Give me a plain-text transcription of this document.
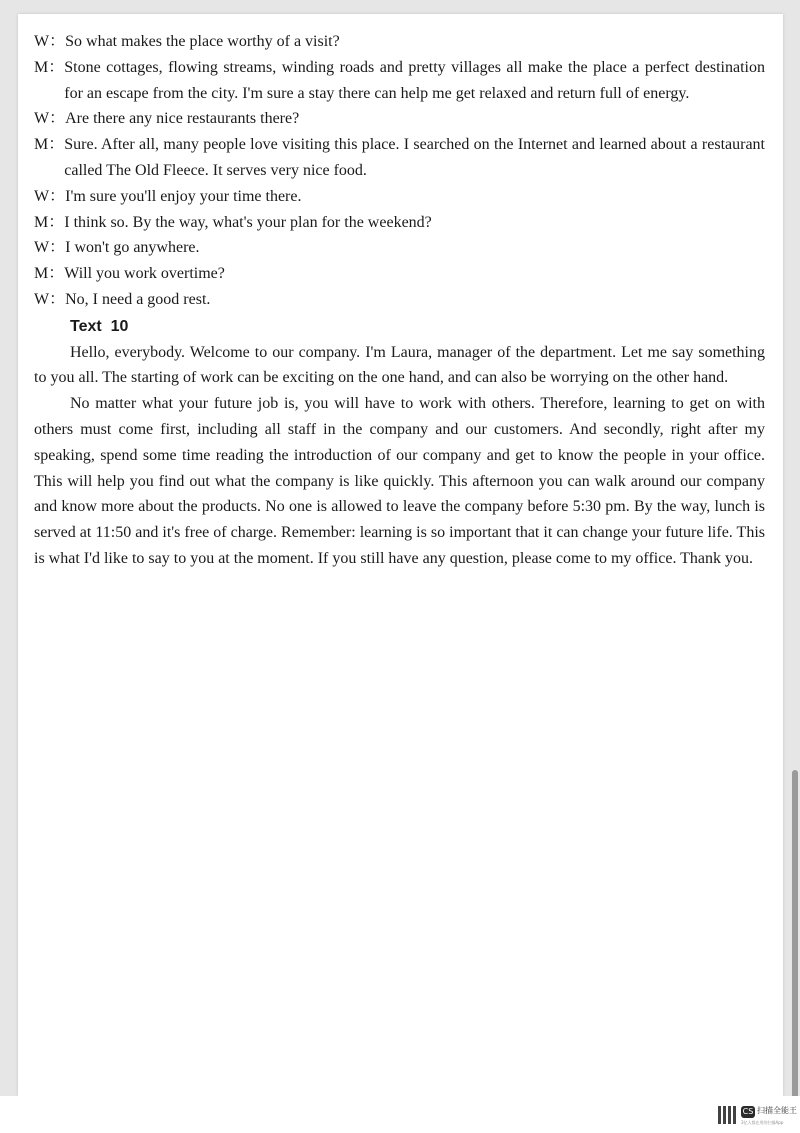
W： So what makes the place worthy of a visit?
M： Stone cottages, flowing streams, winding roads and pretty villages all make the place a perfect destination for an escape from the city. I'm sure a stay there can help me get relaxed and return full of energy.
W： Are there any nice restaurants there?
M： Sure. After all, many people love visiting this place. I searched on the Internet and learned about a restaurant called The Old Fleece. It serves very nice food.
W： I'm sure you'll enjoy your time there.
M： I think so. By the way, what's your plan for the weekend?
W： I won't go anywhere.
M： Will you work overtime?
W： No, I need a good rest.
Text  10
Hello, everybody. Welcome to our company. I'm Laura, manager of the department. Let me say something to you all. The starting of work can be exciting on the one hand, and can also be worrying on the other hand.
No matter what your future job is, you will have to work with others. Therefore, learning to get on with others must come first, including all staff in the company and our customers. And secondly, right after my speaking, spend some time reading the introduction of our company and get to know the people in your office. This will help you find out what the company is like quickly. This afternoon you can walk around our company and know more about the products. No one is allowed to leave the company before 5:30 pm. By the way, lunch is served at 11:50 and it's free of charge. Remember: learning is so important that it can change your future life. This is what I'd like to say to you at the moment. If you still have any question, please come to my office. Thank you.
CS 扫描全能王
3亿人都在用的扫描App
